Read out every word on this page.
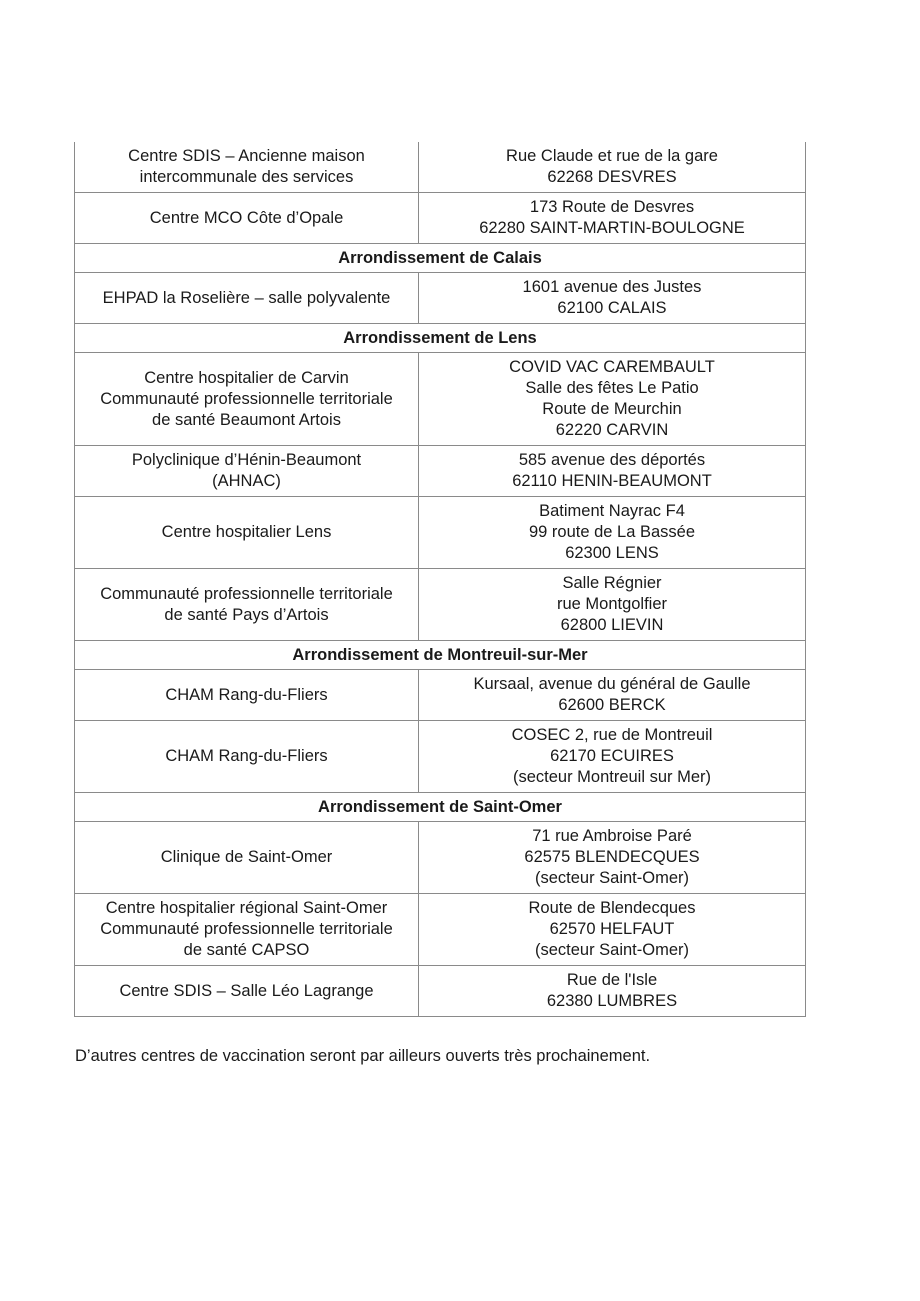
Centre SDIS – Ancienne maison
intercommunale des services	Rue Claude et rue de la gare
62268 DESVRES

Centre MCO Côte d’Opale	173 Route de Desvres
62280 SAINT-MARTIN-BOULOGNE

Arrondissement de Calais	

EHPAD la Roselière – salle polyvalente	1601 avenue des Justes
62100 CALAIS

Arrondissement de Lens	

Centre hospitalier de Carvin
Communauté professionnelle territoriale
de santé Beaumont Artois	COVID VAC CAREMBAULT
Salle des fêtes Le Patio
Route de Meurchin
62220 CARVIN

Polyclinique d’Hénin-Beaumont
(AHNAC)	585 avenue des déportés
62110 HENIN-BEAUMONT

Centre hospitalier Lens	Batiment Nayrac F4
99 route de La Bassée
62300 LENS

Communauté professionnelle territoriale
de santé Pays d’Artois	Salle Régnier
rue Montgolfier
62800 LIEVIN

Arrondissement de Montreuil-sur-Mer	

CHAM Rang-du-Fliers	Kursaal, avenue du général de Gaulle
62600 BERCK

CHAM Rang-du-Fliers	COSEC 2, rue de Montreuil
62170 ECUIRES
(secteur Montreuil sur Mer)

Arrondissement de Saint-Omer	

Clinique de Saint-Omer	71 rue Ambroise Paré
62575 BLENDECQUES
(secteur Saint-Omer)

Centre hospitalier régional Saint-Omer
Communauté professionnelle territoriale
de santé CAPSO	Route de Blendecques
62570 HELFAUT
(secteur Saint-Omer)

Centre SDIS – Salle Léo Lagrange	Rue de l'Isle
62380 LUMBRES

D’autres centres de vaccination seront par ailleurs ouverts très prochainement.
